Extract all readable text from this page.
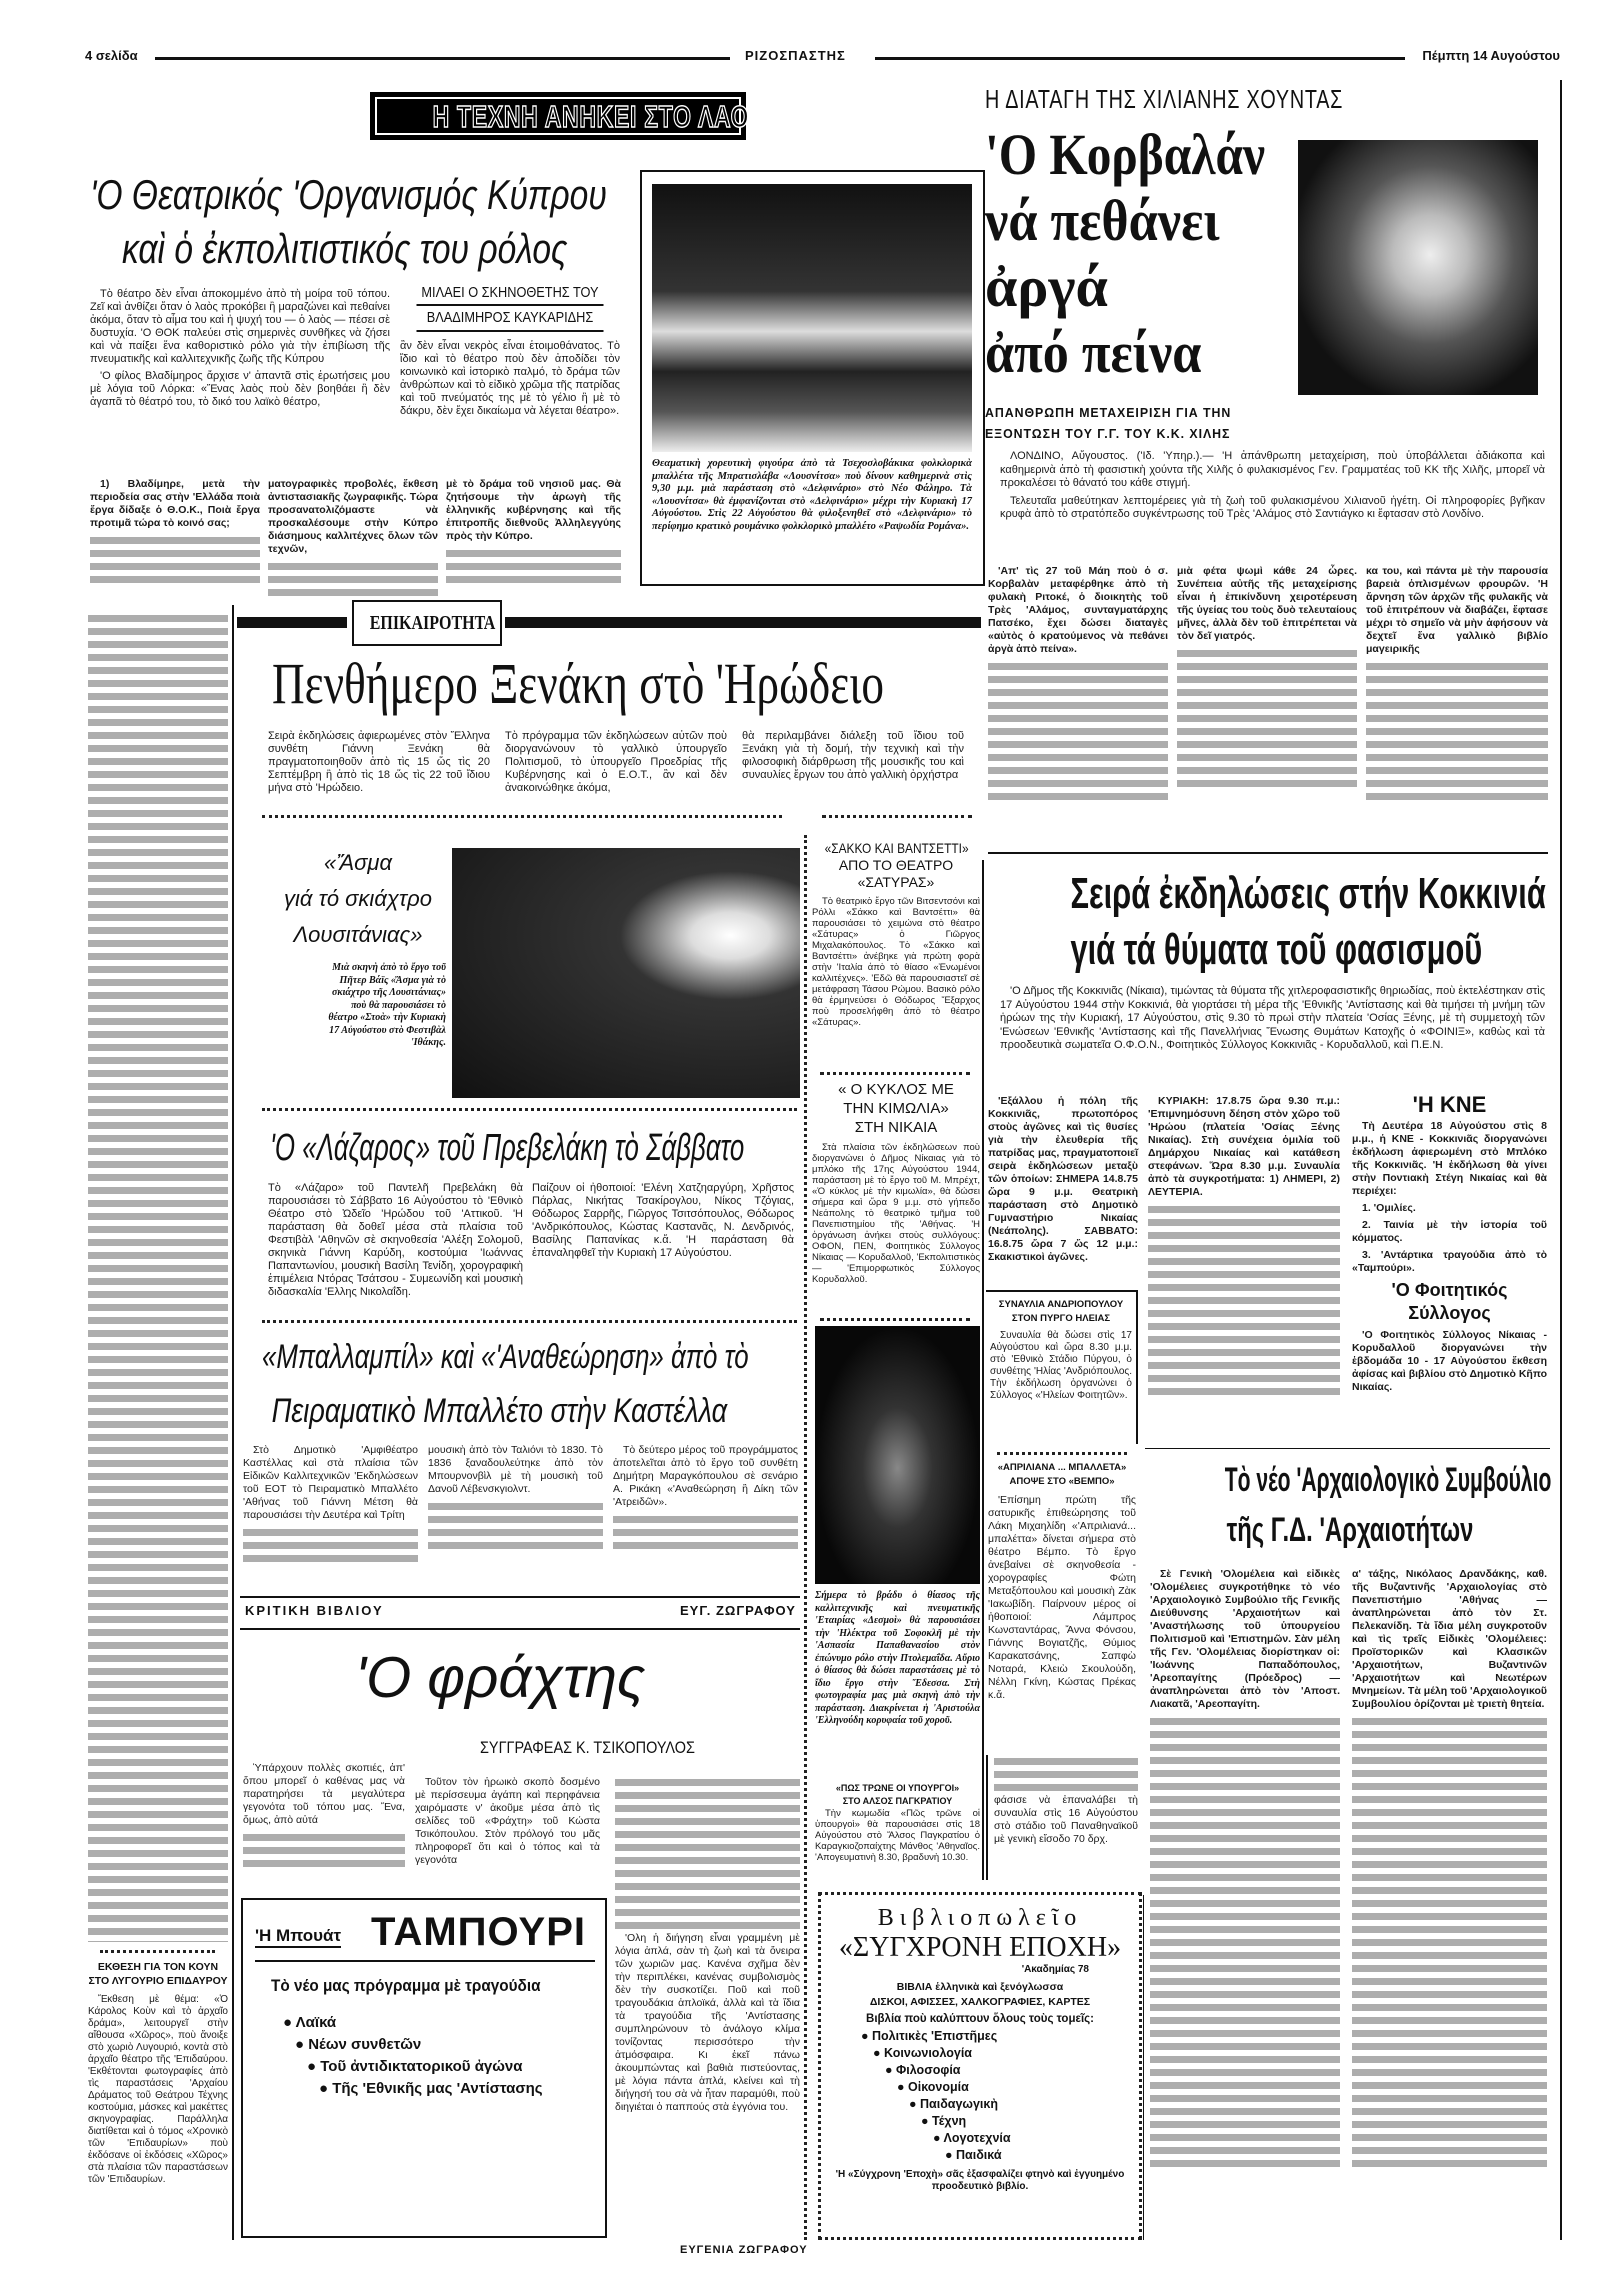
4 σελίδα	ΡΙΖΟΣΠΑΣΤΗΣ	Πέμπτη 14 Αυγούστου
Η ΤΕΧΝΗ ΑΝΗΚΕΙ ΣΤΟ ΛΑΟ
'Ο Θεατρικός 'Οργανισμός Κύπρου
καὶ ὁ ἐκπολιτιστικός του ρόλος

Τὸ θέατρο δὲν εἶναι ἀποκομμένο ἀπὸ τὴ μοίρα τοῦ τόπου. Ζεῖ καὶ ἀνθίζει ὅταν ὁ λαὸς προκόβει ἢ μαραζώνει καὶ πεθαίνει ἀκόμα, ὅταν τὸ αἷμα του καὶ ἡ ψυχή του — ὁ λαὸς — πέσει σὲ δυστυχία. 'Ο ΘΟΚ παλεύει στὶς σημερινὲς συνθῆκες νὰ ζήσει καὶ νὰ παίξει ἕνα καθοριστικὸ ρόλο γιὰ τὴν ἐπιβίωση τῆς πνευματικῆς καὶ καλλιτεχνικῆς ζωῆς τῆς Κύπρου

'Ο φίλος Βλαδίμηρος ἄρχισε ν' ἀπαντᾶ στὶς ἐρωτήσεις μου μὲ λόγια τοῦ Λόρκα: «Ἕνας λαὸς ποὺ δὲν βοηθάει ἢ δὲν ἀγαπᾶ τὸ θέατρό του, τὸ δικό του λαϊκὸ θέατρο,

ΜΙΛΑΕΙ Ο ΣΚΗΝΟΘΕΤΗΣ ΤΟΥ
ΒΛΑΔΙΜΗΡΟΣ ΚΑΥΚΑΡΙΔΗΣ

ἂν δὲν εἶναι νεκρὸς εἶναι ἑτοιμοθάνατος. Τὸ ἴδιο καὶ τὸ θέατρο ποὺ δὲν ἀποδίδει τὸν κοινωνικὸ καὶ ἱστορικὸ παλμό, τὸ δράμα τῶν ἀνθρώπων καὶ τὸ εἰδικὸ χρῶμα τῆς πατρίδας καὶ τοῦ πνεύματός της μὲ τὸ γέλιο ἢ μὲ τὸ δάκρυ, δὲν ἔχει δικαίωμα νὰ λέγεται θέατρο».

1) Βλαδίμηρε, μετὰ τὴν περιοδεία σας στὴν 'Ελλάδα ποιὰ ἔργα δίδαξε ὁ Θ.Ο.Κ., Ποιὰ ἔργα προτιμᾶ τώρα τὸ κοινό σας;

ματογραφικὲς προβολές, ἔκθεση ἀντιστασιακῆς ζωγραφικῆς. Τώρα προσανατολιζόμαστε νὰ προσκαλέσουμε στὴν Κύπρο διάσημους καλλιτέχνες ὅλων τῶν τεχνῶν,

μὲ τὸ δράμα τοῦ νησιοῦ μας. Θὰ ζητήσουμε τὴν ἀρωγὴ τῆς ἑλληνικῆς κυβέρνησης καὶ τῆς ἐπιτροπῆς διεθνοῦς Ἀλληλεγγύης πρὸς τὴν Κύπρο.

ΕΚΘΕΣΗ ΓΙΑ ΤΟΝ ΚΟΥΝ
ΣΤΟ ΛΥΓΟΥΡΙΟ ΕΠΙΔΑΥΡΟΥ

Ἔκθεση μὲ θέμα: «Ὁ Κάρολος Κοὺν καὶ τὸ ἀρχαῖο δράμα», λειτουργεῖ στὴν αἴθουσα «Χῶρος», ποὺ ἄνοιξε στὸ χωριὸ Λυγουριό, κοντὰ στὸ ἀρχαῖο θέατρο τῆς 'Επιδαύρου. 'Εκθέτονται φωτογραφίες ἀπὸ τὶς παραστάσεις 'Αρχαίου Δράματος τοῦ Θεάτρου Τέχνης κοστούμια, μάσκες καὶ μακέττες σκηνογραφίας. Παράλληλα διατίθεται καὶ ὁ τόμος «Χρονικὸ τῶν 'Επιδαυρίων» ποὺ ἐκδόσανε οἱ ἐκδόσεις «Χῶρος» στὰ πλαίσια τῶν παραστάσεων τῶν 'Επιδαυρίων.

Θεαματικὴ χορευτικὴ φιγούρα ἀπὸ τὰ Τσεχοσλοβάκικα φολκλορικὰ μπαλλέτα τῆς Μπρατισλάβα «Λουσνίτσα» ποὺ δίνουν καθημερινὰ στὶς 9,30 μ.μ. μιὰ παράσταση στὸ «Δελφινάριο» στὸ Νέο Φάληρο. Τὰ «Λουσνίτσα» θὰ ἐμφανίζονται στὸ «Δελφινάριο» μέχρι τὴν Κυριακὴ 17 Αὐγούστου. Στὶς 22 Αὐγούστου θὰ φιλοξενηθεῖ στὸ «Δελφινάριο» τὸ περίφημο κρατικὸ ρουμάνικο φολκλορικὸ μπαλλέτο «Ραψωδία Ρομάνα».
Η ΔΙΑΤΑΓΗ ΤΗΣ ΧΙΛΙΑΝΗΣ ΧΟΥΝΤΑΣ
'Ο Κορβαλάν
νά πεθάνει
ἀργά
ἀπό πείνα
ΑΠΑΝΘΡΩΠΗ ΜΕΤΑΧΕΙΡΙΣΗ ΓΙΑ ΤΗΝ
ΕΞΟΝΤΩΣΗ ΤΟΥ Γ.Γ. ΤΟΥ Κ.Κ. ΧΙΛΗΣ

ΛΟΝΔΙΝΟ, Αὔγουστος. ('Ιδ. 'Υπηρ.).— 'Η ἀπάνθρωπη μεταχείριση, ποὺ ὑποβάλλεται ἀδιάκοπα καὶ καθημερινὰ ἀπὸ τὴ φασιστικὴ χούντα τῆς Χιλῆς ὁ φυλακισμένος Γεν. Γραμματέας τοῦ ΚΚ τῆς Χιλῆς, μπορεῖ νὰ προκαλέσει τὸ θάνατό του κάθε στιγμή.

Τελευταῖα μαθεύτηκαν λεπτομέρειες γιὰ τὴ ζωὴ τοῦ φυλακισμένου Χιλιανοῦ ἡγέτη. Οἱ πληροφορίες βγῆκαν κρυφὰ ἀπὸ τὸ στρατόπεδο συγκέντρωσης τοῦ Τρὲς 'Αλάμος στὸ Σαντιάγκο κι ἔφτασαν στὸ Λονδίνο.

'Απ' τὶς 27 τοῦ Μάη ποὺ ὁ σ. Κορβαλὰν μεταφέρθηκε ἀπὸ τὴ φυλακὴ Ριτοκέ, ὁ διοικητὴς τοῦ Τρὲς 'Αλάμος, συνταγματάρχης Πατσέκο, ἔχει δώσει διαταγὲς «αὐτὸς ὁ κρατούμενος νὰ πεθάνει ἀργὰ ἀπὸ πείνα».

μιὰ φέτα ψωμὶ κάθε 24 ὧρες. Συνέπεια αὐτῆς τῆς μεταχείρισης εἶναι ἡ ἐπικίνδυνη χειροτέρευση τῆς ὑγείας του τοὺς δυὸ τελευταίους μῆνες, ἀλλὰ δὲν τοῦ ἐπιτρέπεται νὰ τὸν δεῖ γιατρός.

κα του, καὶ πάντα μὲ τὴν παρουσία βαρειὰ ὁπλισμένων φρουρῶν. 'Η ἄρνηση τῶν ἀρχῶν τῆς φυλακῆς νὰ τοῦ ἐπιτρέπουν νὰ διαβάζει, ἔφτασε μέχρι τὸ σημεῖο νὰ μὴν ἀφήσουν νὰ δεχτεῖ ἕνα γαλλικὸ βιβλίο μαγειρικῆς

Σειρά ἐκδηλώσεις στήν Κοκκινιά
γιά τά θύματα τοῦ φασισμοῦ

'Ο Δῆμος τῆς Κοκκινιᾶς (Νίκαια), τιμώντας τὰ θύματα τῆς χιτλεροφασιστικῆς θηριωδίας, ποὺ ἐκτελέστηκαν στὶς 17 Αὐγούστου 1944 στὴν Κοκκινιά, θὰ γιορτάσει τὴ μέρα τῆς 'Εθνικῆς 'Αντίστασης καὶ θὰ τιμήσει τὴ μνήμη τῶν ἡρώων της τὴν Κυριακή, 17 Αὐγούστου, στὶς 9.30 τὸ πρωὶ στὴν πλατεία 'Οσίας Ξένης, μὲ τὴ συμμετοχὴ τῶν 'Ενώσεων 'Εθνικῆς 'Αντίστασης καὶ τῆς Πανελλήνιας Ἕνωσης Θυμάτων Κατοχῆς ὁ «ΦΟΙΝΙΞ», καθὼς καὶ τὰ προοδευτικὰ σωματεῖα Ο.Φ.Ο.Ν., Φοιτητικὸς Σύλλογος Κοκκινιᾶς - Κορυδαλλοῦ, καὶ Π.Ε.Ν.

'Εξάλλου ἡ πόλη τῆς Κοκκινιᾶς, πρωτοπόρος στοὺς ἀγῶνες καὶ τὶς θυσίες γιὰ τὴν ἐλευθερία τῆς πατρίδας μας, πραγματοποιεῖ σειρὰ ἐκδηλώσεων μεταξὺ τῶν ὁποίων: ΣΗΜΕΡΑ 14.8.75 ὥρα 9 μ.μ. Θεατρικὴ παράσταση στὸ Δημοτικὸ Γυμναστήριο Νικαίας (Νεάπολης). ΣΑΒΒΑΤΟ: 16.8.75 ὥρα 7 ὥς 12 μ.μ.: Σκακιστικοὶ ἀγῶνες.

ΚΥΡΙΑΚΗ: 17.8.75 ὥρα 9.30 π.μ.: 'Επιμνημόσυνη δέηση στὸν χῶρο τοῦ 'Ηρώου (πλατεία 'Οσίας Ξένης Νικαίας). Στὴ συνέχεια ὁμιλία τοῦ Δημάρχου Νικαίας καὶ κατάθεση στεφάνων. Ὥρα 8.30 μ.μ. Συναυλία ἀπὸ τὰ συγκροτήματα: 1) ΛΗΜΕΡΙ, 2) ΛΕΥΤΕΡΙΑ.

'Η ΚΝΕ

Τὴ Δευτέρα 18 Αὐγούστου στὶς 8 μ.μ., ἡ ΚΝΕ - Κοκκινιᾶς διοργανώνει ἐκδήλωση ἀφιερωμένη στὸ Μπλόκο τῆς Κοκκινιᾶς. 'Η ἐκδήλωση θὰ γίνει στὴν Ποντιακὴ Στέγη Νικαίας καὶ θὰ περιέχει:

1. 'Ομιλίες.

2. Ταινία μὲ τὴν ἱστορία τοῦ κόμματος.

3. 'Αντάρτικα τραγούδια ἀπὸ τὸ «Ταμπούρι».

'Ο Φοιτητικός
Σύλλογος

'Ο Φοιτητικὸς Σύλλογος Νίκαιας - Κορυδαλλοῦ διοργανώνει τὴν ἑβδομάδα 10 - 17 Αὐγούστου ἔκθεση ἀφίσας καὶ βιβλίου στὸ Δημοτικὸ Κῆπο Νικαίας.

ΣΥΝΑΥΛΙΑ ΑΝΔΡΙΟΠΟΥΛΟΥ
ΣΤΟΝ ΠΥΡΓΟ ΗΛΕΙΑΣ

Συναυλία θὰ δώσει στὶς 17 Αὐγούστου καὶ ὥρα 8.30 μ.μ. στὸ 'Εθνικὸ Στάδιο Πύργου, ὁ συνθέτης 'Ηλίας 'Ανδριόπουλος. Τὴν ἐκδήλωση ὀργανώνει ὁ Σύλλογος «'Ηλείων Φοιτητῶν».

«ΑΠΡΙΛΙΑΝΑ ... ΜΠΑΛΛΕΤΑ»
ΑΠΟΨΕ ΣΤΟ «ΒΕΜΠΟ»

'Επίσημη πρώτη τῆς σατυρικῆς ἐπιθεώρησης τοῦ Λάκη Μιχαηλίδη «'Απριλιανά... μπαλέττα» δίνεται σήμερα στὸ θέατρο Βέμπο. Τὸ ἔργο ἀνεβαίνει σὲ σκηνοθεσία - χορογραφίες Φώτη Μεταξόπουλου καὶ μουσικὴ Ζὰκ 'Ιακωβίδη. Παίρνουν μέρος οἱ ἠθοποιοί: Λάμπρος Κωνσταντάρας, Ἄννα Φόνσου, Γιάννης Βογιατζῆς, Θύμιος Καρακατσάνης, Σαπφὼ Νοταρά, Κλειὼ Σκουλούδη, Νέλλη Γκίνη, Κώστας Πρέκας κ.ἄ.

φάσισε νὰ ἐπαναλάβει τὴ συναυλία στὶς 16 Αὐγούστου στὸ στάδιο τοῦ Παναθηναϊκοῦ μὲ γενικὴ εἴσοδο 70 δρχ.

Τὸ νέο 'Αρχαιολογικὸ Συμβούλιο
τῆς Γ.Δ. 'Αρχαιοτήτων

Σὲ Γενικὴ 'Ολομέλεια καὶ εἰδικὲς 'Ολομέλειες συγκροτήθηκε τὸ νέο 'Αρχαιολογικὸ Συμβούλιο τῆς Γενικῆς Διεύθυνσης 'Αρχαιοτήτων καὶ 'Αναστήλωσης τοῦ ὑπουργείου Πολιτισμοῦ καὶ 'Επιστημῶν. Σὰν μέλη τῆς Γεν. 'Ολομέλειας διορίστηκαν οἱ: 'Ιωάννης Παπαδόπουλος, 'Αρεοπαγίτης (Πρόεδρος) — ἀναπληρώνεται ἀπὸ τὸν 'Αποστ. Λιακατᾶ, 'Αρεοπαγίτη.

α' τάξης, Νικόλαος Δρανδάκης, καθ. τῆς Βυζαντινῆς 'Αρχαιολογίας στὸ Πανεπιστήμιο 'Αθήνας — ἀναπληρώνεται ἀπὸ τὸν Στ. Πελεκανίδη. Τὰ ἴδια μέλη συγκροτοῦν καὶ τὶς τρεῖς Εἰδικὲς 'Ολομέλειες: Προϊστορικῶν καὶ Κλασικῶν 'Αρχαιοτήτων, Βυζαντινῶν 'Αρχαιοτήτων καὶ Νεωτέρων Μνημείων. Τὰ μέλη τοῦ 'Αρχαιολογικοῦ Συμβουλίου ὁρίζονται μὲ τριετὴ θητεία.

ΕΠΙΚΑΙΡΟΤΗΤΑ
Πενθήμερο Ξενάκη στὸ 'Ηρώδειο
Σειρὰ ἐκδηλώσεις ἀφιερωμένες στὸν Ἕλληνα συνθέτη Γιάννη Ξενάκη θὰ πραγματοποιηθοῦν ἀπὸ τὶς 15 ὥς τὶς 20 Σεπτέμβρη ἢ ἀπὸ τὶς 18 ὥς τὶς 22 τοῦ ἴδιου μήνα στὸ 'Ηρώδειο.
Τὸ πρόγραμμα τῶν ἐκδηλώσεων αὐτῶν ποὺ διοργανώνουν τὸ γαλλικὸ ὑπουργεῖο Πολιτισμοῦ, τὸ ὑπουργεῖο Προεδρίας τῆς Κυβέρνησης καὶ ὁ Ε.Ο.Τ., ἂν καὶ δὲν ἀνακοινώθηκε ἀκόμα,
θὰ περιλαμβάνει διάλεξη τοῦ ἴδιου τοῦ Ξενάκη γιὰ τὴ δομή, τὴν τεχνικὴ καὶ τὴν φιλοσοφικὴ διάρθρωση τῆς μουσικῆς του καὶ συναυλίες ἔργων του ἀπὸ γαλλικὴ ὀρχήστρα
«Ἄσμα
γιά τό σκιάχτρο
Λουσιτάνιας»
Μιὰ σκηνὴ ἀπὸ τὸ ἔργο τοῦ Πῆτερ Βάϊς «Ἄσμα γιὰ τὸ σκιάχτρο τῆς Λουσιτάνιας» ποὺ θὰ παρουσιάσει τὸ θέατρο «Στοὰ» τὴν Κυριακὴ 17 Αὐγούστου στὸ Φεστιβὰλ 'Ιθάκης.
«ΣΑΚΚΟ ΚΑΙ ΒΑΝΤΣΕΤΤΙ»
ΑΠΟ ΤΟ ΘΕΑΤΡΟ
«ΣΑΤΥΡΑΣ»

Τὸ θεατρικὸ ἔργο τῶν Βιτσεντσόνι καὶ Ρόλλι «Σάκκο καὶ Βαντσέττι» θὰ παρουσιάσει τὸ χειμώνα στὸ θέατρο «Σάτυρας» ὁ Γιῶργος Μιχαλακόπουλος. Τὸ «Σάκκο καὶ Βαντσέττι» ἀνέβηκε γιὰ πρώτη φορὰ στὴν 'Ιταλία ἀπὸ τὸ θίασο «Ἑνωμένοι καλλιτέχνες». 'Εδῶ θὰ παρουσιαστεῖ σὲ μετάφραση Τάσου Ρώμου. Βασικὸ ρόλο θὰ ἑρμηνεύσει ὁ Θόδωρος Ἔξαρχος ποὺ προσελήφθη ἀπὸ τὸ θέατρο «Σάτυρας».

« Ο ΚΥΚΛΟΣ ΜΕ
ΤΗΝ ΚΙΜΩΛΙΑ»
ΣΤΗ ΝΙΚΑΙΑ

Στὰ πλαίσια τῶν ἐκδηλώσεων ποὺ διοργανώνει ὁ Δῆμος Νίκαιας γιὰ τὸ μπλόκο τῆς 17ης Αὐγούστου 1944, παράσταση μὲ τὸ ἔργο τοῦ Μ. Μπρέχτ, «Ὁ κύκλος μὲ τὴν κιμωλία», θὰ δώσει σήμερα καὶ ὥρα 9 μ.μ. στὸ γήπεδο Νεάπολης τὸ θεατρικὸ τμῆμα τοῦ Πανεπιστημίου τῆς 'Αθήνας. 'Η ὀργάνωση ἀνήκει στοὺς συλλόγους: ΟΦΟΝ, ΠΕΝ, Φοιτητικὸς Σύλλογος Νίκαιας — Κορυδαλλοῦ, 'Εκπολιτιστικὸς — 'Επιμορφωτικὸς Σύλλογος Κορυδαλλοῦ.

Σήμερα τὸ βράδυ ὁ θίασος τῆς καλλιτεχνικῆς καὶ πνευματικῆς 'Εταιρίας «Δεσμοὶ» θὰ παρουσιάσει τὴν 'Ηλέκτρα τοῦ Σοφοκλῆ μὲ τὴν 'Ασπασία Παπαθανασίου στὸν ἐπώνυμο ρόλο στὴν Πτολεμαΐδα. Αὔριο ὁ θίασος θὰ δώσει παραστάσεις μὲ τὸ ἴδιο ἔργο στὴν Ἔδεσσα. Στὴ φωτογραφία μας μιὰ σκηνὴ ἀπὸ τὴν παράσταση. Διακρίνεται ἡ 'Αριστούλα 'Ελληνούδη κορυφαία τοῦ χοροῦ.
«ΠΩΣ ΤΡΩΝΕ ΟΙ ΥΠΟΥΡΓΟΙ»
ΣΤΟ ΑΛΣΟΣ ΠΑΓΚΡΑΤΙΟΥ

Τὴν κωμωδία «Πῶς τρῶνε οἱ ὑπουργοὶ» θὰ παρουσιάσει στὶς 18 Αὐγούστου στὸ Ἄλσος Παγκρατίου ὁ Καραγκιοζοπαίχτης Μάνθος 'Αθηναῖος. 'Απογευματινὴ 8.30, βραδυνὴ 10.30.

Βιβλιοπωλεῖο
«ΣΥΓΧΡΟΝΗ ΕΠΟΧΗ»
'Ακαδημίας 78
ΒΙΒΛΙΑ ἑλληνικὰ καὶ ξενόγλωσσα
ΔΙΣΚΟΙ, ΑΦΙΣΣΕΣ, ΧΑΛΚΟΓΡΑΦΙΕΣ, ΚΑΡΤΕΣ
Βιβλία ποὺ καλύπτουν ὅλους τοὺς τομεῖς:
● Πολιτικὲς 'Επιστῆμες
● Κοινωνιολογία
● Φιλοσοφία
● Οἰκονομία
● Παιδαγωγικὴ
● Τέχνη
● Λογοτεχνία
● Παιδικά
'Η «Σύγχρονη 'Εποχὴ» σᾶς ἐξασφαλίζει φτηνὸ καὶ ἐγγυημένο προοδευτικὸ βιβλίο.
'Ο «Λάζαρος» τοῦ Πρεβελάκη τὸ Σάββατο
Τὸ «Λάζαρο» τοῦ Παντελῆ Πρεβελάκη θὰ παρουσιάσει τὸ Σάββατο 16 Αὐγούστου τὸ 'Εθνικὸ Θέατρο στὸ Ὠδεῖο 'Ηρώδου τοῦ 'Αττικοῦ. 'Η παράσταση θὰ δοθεῖ μέσα στὰ πλαίσια τοῦ Φεστιβὰλ 'Αθηνῶν σὲ σκηνοθεσία 'Αλέξη Σολομοῦ, σκηνικὰ Γιάννη Καρύδη, κοστούμια 'Ιωάννας Παπαντωνίου, μουσικὴ Βασίλη Τενίδη, χορογραφικὴ ἐπιμέλεια Ντόρας Τσάτσου - Συμεωνίδη καὶ μουσικὴ διδασκαλία 'Ελλης Νικολαΐδη.
Παίζουν οἱ ἠθοποιοί: 'Ελένη Χατζηαργύρη, Χρῆστος Πάρλας, Νικήτας Τσακίρογλου, Νίκος Τζόγιας, Θόδωρος Σαρρῆς, Γιῶργος Τσιτσόπουλος, Θόδωρος 'Ανδρικόπουλος, Κώστας Καστανᾶς, Ν. Δενδρινός, Βασίλης Παπανίκας κ.ἄ. 'Η παράσταση θὰ ἐπαναληφθεῖ τὴν Κυριακὴ 17 Αὐγούστου.
«Μπαλλαμπίλ» καὶ «'Αναθεώρηση» ἀπὸ τὸ
Πειραματικὸ Μπαλλέτο στὴν Καστέλλα

Στὸ Δημοτικὸ 'Αμφιθέατρο Καστέλλας καὶ στὰ πλαίσια τῶν Εἰδικῶν Καλλιτεχνικῶν 'Εκδηλώσεων τοῦ ΕΟΤ τὸ Πειραματικὸ Μπαλλέτο 'Αθήνας τοῦ Γιάννη Μέτση θὰ παρουσιάσει τὴν Δευτέρα καὶ Τρίτη

μουσικὴ ἀπὸ τὸν Ταλιόνι τὸ 1830. Τὸ 1836 ξαναδουλεύτηκε ἀπὸ τὸν Μπουρνονβὶλ μὲ τὴ μουσικὴ τοῦ Δανοῦ Λέβενσκγιολντ.

Τὸ δεύτερο μέρος τοῦ προγράμματος ἀποτελεῖται ἀπὸ τὸ ἔργο τοῦ συνθέτη Δημήτρη Μαραγκόπουλου σὲ σενάριο Α. Ρικάκη «'Αναθεώρηση ἢ Δίκη τῶν 'Ατρειδῶν».

ΚΡΙΤΙΚΗ ΒΙΒΛΙΟΥ	ΕΥΓ. ΖΩΓΡΑΦΟΥ
'Ο φράχτης
ΣΥΓΓΡΑΦΕΑΣ Κ. ΤΣΙΚΟΠΟΥΛΟΣ

Ὑπάρχουν πολλὲς σκοπιές, ἀπ' ὅπου μπορεῖ ὁ καθένας μας νὰ παρατηρήσει τὰ μεγαλύτερα γεγονότα τοῦ τόπου μας. Ἕνα, ὅμως, ἀπὸ αὐτά

Τοῦτον τὸν ἡρωικὸ σκοπὸ δοσμένο μὲ περίσσευμα ἀγάπη καὶ περηφάνεια χαιρόμαστε ν' ἀκοῦμε μέσα ἀπὸ τὶς σελίδες τοῦ «Φράχτη» τοῦ Κώστα Τσικόπουλου. Στὸν πρόλογό του μᾶς πληροφορεῖ ὅτι καὶ ὁ τόπος καὶ τὰ γεγονότα

'Ολη ἡ διήγηση εἶναι γραμμένη μὲ λόγια ἁπλά, σὰν τὴ ζωὴ καὶ τὰ ὄνειρα τῶν χωριῶν μας. Κανένα σχῆμα δὲν τὴν περιπλέκει, κανένας συμβολισμὸς δὲν τὴν συσκοτίζει. Ποῦ καὶ ποῦ τραγουδάκια ἁπλοϊκά, ἀλλὰ καὶ τὰ ἴδια τὰ τραγούδια τῆς 'Αντίστασης συμπληρώνουν τὸ ἀνάλογο κλίμα τονίζοντας περισσότερο τὴν ἀτμόσφαιρα. Κι ἐκεῖ πάνω ἀκουμπώντας καὶ βαθιὰ πιστεύοντας, μὲ λόγια πάντα ἁπλά, κλείνει καὶ τὴ διήγησή του σὰ νὰ ἦταν παραμύθι, ποὺ διηγιέται ὁ παππούς στὰ ἐγγόνια του.

ΕΥΓΕΝΙΑ ΖΩΓΡΑΦΟΥ
'Η Μπουάτ ΤΑΜΠΟΥΡΙ
Τὸ νέο μας πρόγραμμα μὲ τραγούδια
● Λαϊκά
● Νέων συνθετῶν
● Τοῦ ἀντιδικτατορικοῦ ἀγώνα
● Τῆς 'Εθνικῆς μας 'Αντίστασης
